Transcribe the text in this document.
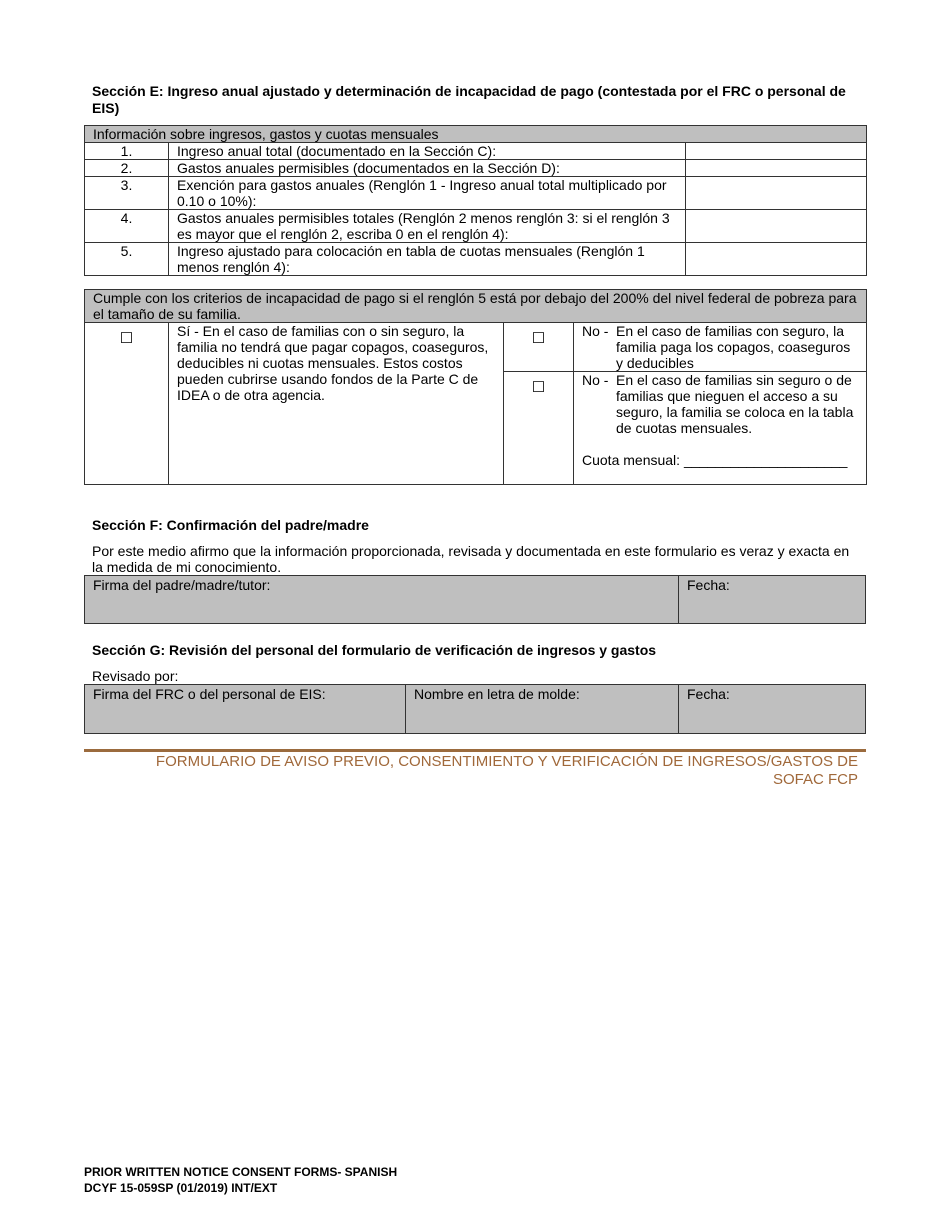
Sección E: Ingreso anual ajustado y determinación de incapacidad de pago (contestada por el FRC o personal de EIS)
Información sobre ingresos, gastos y cuotas mensuales		
1.	Ingreso anual total (documentado en la Sección C):	
2.	Gastos anuales permisibles (documentados en la Sección D):	
3.	Exención para gastos anuales (Renglón 1 - Ingreso anual total multiplicado por 0.10 o 10%):	
4.	Gastos anuales permisibles totales (Renglón 2 menos renglón 3: si el renglón 3 es mayor que el renglón 2, escriba 0 en el renglón 4):	
5.	Ingreso ajustado para colocación en tabla de cuotas mensuales (Renglón 1 menos renglón 4):	
Cumple con los criterios de incapacidad de pago si el renglón 5 está por debajo del 200% del nivel federal de pobreza para el tamaño de su familia.			
☐	Sí - En el caso de familias con o sin seguro, la familia no tendrá que pagar copagos, coaseguros, deducibles ni cuotas mensuales. Estos costos pueden cubrirse usando fondos de la Parte C de IDEA o de otra agencia.	☐	No - En el caso de familias con seguro, la familia paga los copagos, coaseguros y deducibles

		☐	No - En el caso de familias sin seguro o de familias que nieguen el acceso a su seguro, la familia se coloca en la tabla de cuotas mensuales.
Cuota mensual: _____________________
Sección F: Confirmación del padre/madre
Por este medio afirmo que la información proporcionada, revisada y documentada en este formulario es veraz y exacta en la medida de mi conocimiento.
Firma del padre/madre/tutor:	Fecha:
Sección G: Revisión del personal del formulario de verificación de ingresos y gastos
Revisado por:
Firma del FRC o del personal de EIS:	Nombre en letra de molde:	Fecha:
FORMULARIO DE AVISO PREVIO, CONSENTIMIENTO Y VERIFICACIÓN DE INGRESOS/GASTOS DE SOFAC FCP
PRIOR WRITTEN NOTICE CONSENT FORMS- SPANISH
DCYF 15-059SP (01/2019) INT/EXT
